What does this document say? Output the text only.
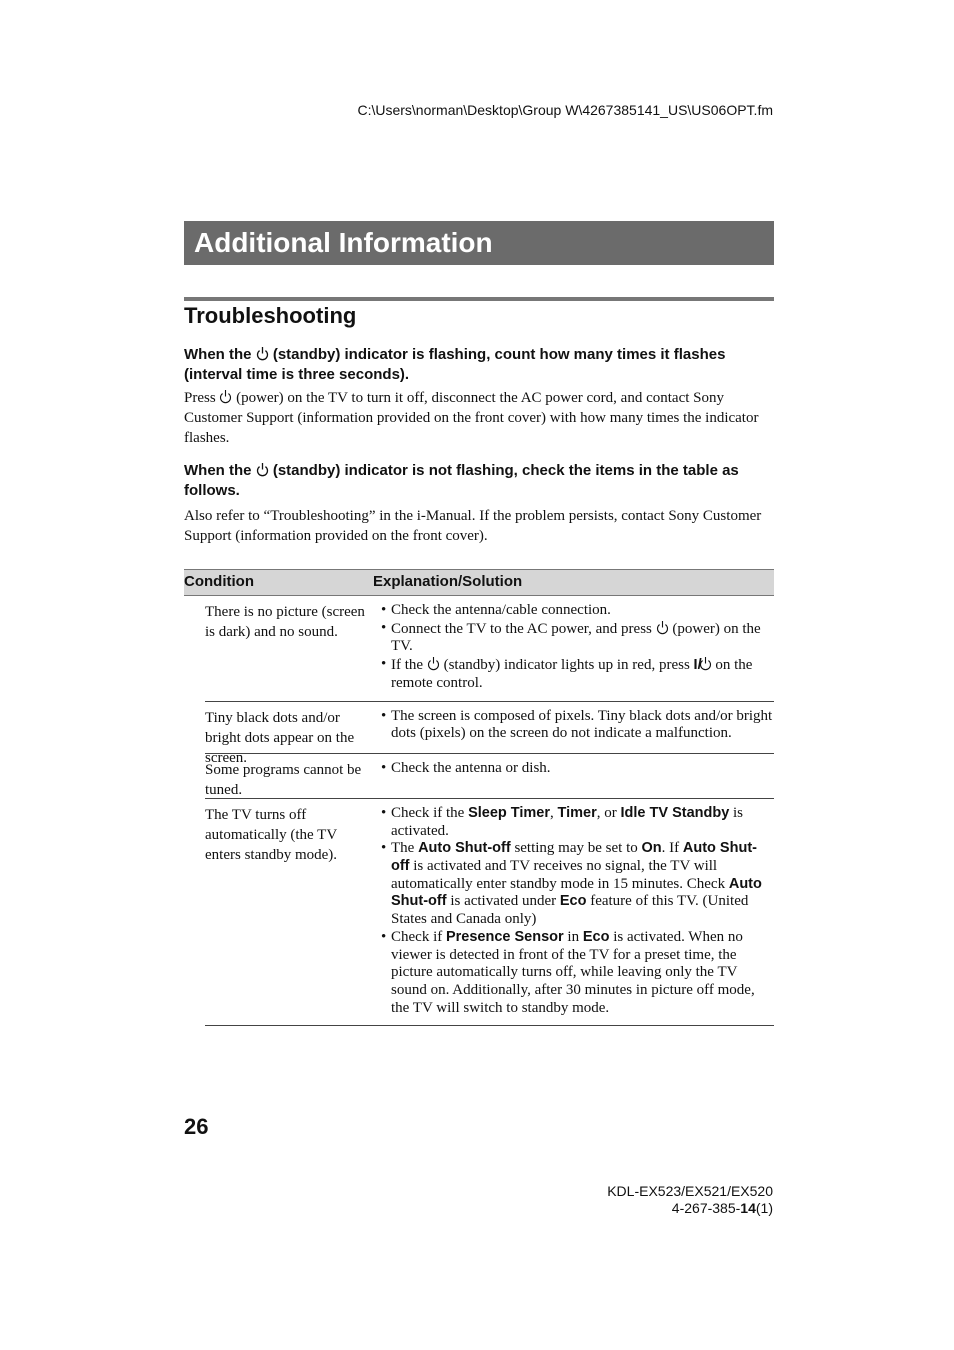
C:\Users\norman\Desktop\Group W\4267385141_US\US06OPT.fm
Additional Information
Troubleshooting
When the (standby) indicator is flashing, count how many times it flashes (interval time is three seconds).
Press (power) on the TV to turn it off, disconnect the AC power cord, and contact Sony Customer Support (information provided on the front cover) with how many times the indicator flashes.
When the (standby) indicator is not flashing, check the items in the table as follows.
Also refer to “Troubleshooting” in the i-Manual. If the problem persists, contact Sony Customer Support (information provided on the front cover).
Condition	Explanation/Solution
There is no picture (screen is dark) and no sound.
• Check the antenna/cable connection.
• Connect the TV to the AC power, and press (power) on the TV.
• If the (standby) indicator lights up in red, press I/ on the remote control.
Tiny black dots and/or bright dots appear on the screen.
• The screen is composed of pixels. Tiny black dots and/or bright dots (pixels) on the screen do not indicate a malfunction.
Some programs cannot be tuned.
• Check the antenna or dish.
The TV turns off automatically (the TV enters standby mode).
• Check if the Sleep Timer, Timer, or Idle TV Standby is activated.
• The Auto Shut-off setting may be set to On. If Auto Shut-off is activated and TV receives no signal, the TV will automatically enter standby mode in 15 minutes. Check Auto Shut-off is activated under Eco feature of this TV. (United States and Canada only)
• Check if Presence Sensor in Eco is activated. When no viewer is detected in front of the TV for a preset time, the picture automatically turns off, while leaving only the TV sound on. Additionally, after 30 minutes in picture off mode, the TV will switch to standby mode.
26
KDL-EX523/EX521/EX520
4-267-385-14(1)
